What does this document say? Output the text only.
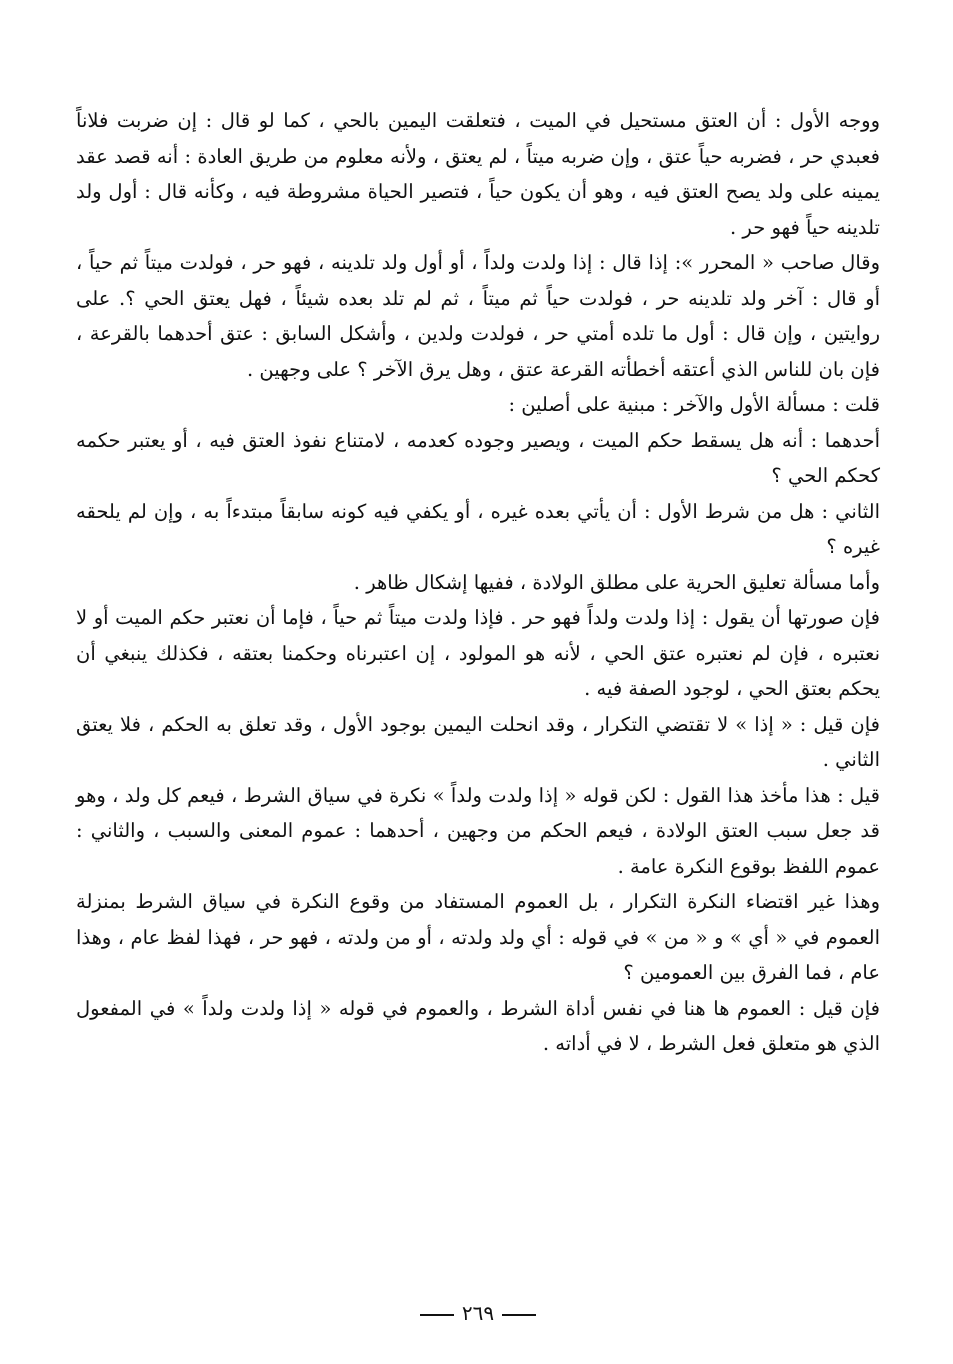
ووجه الأول : أن العتق مستحيل في الميت ، فتعلقت اليمين بالحي ، كما لو قال : إن ضربت فلاناً فعبدي حر ، فضربه حياً عتق ، وإن ضربه ميتاً ، لم يعتق ، ولأنه معلوم من طريق العادة : أنه قصد عقد يمينه على ولد يصح العتق فيه ، وهو أن يكون حياً ، فتصير الحياة مشروطة فيه ، وكأنه قال : أول ولد تلدينه حياً فهو حر .

وقال صاحب « المحرر »: إذا قال : إذا ولدت ولداً ، أو أول ولد تلدينه ، فهو حر ، فولدت ميتاً ثم حياً ، أو قال : آخر ولد تلدينه حر ، فولدت حياً ثم ميتاً ، ثم لم تلد بعده شيئاً ، فهل يعتق الحي ؟. على روايتين ، وإن قال : أول ما تلده أمتي حر ، فولدت ولدين ، وأشكل السابق : عتق أحدهما بالقرعة ، فإن بان للناس الذي أعتقه أخطأته القرعة عتق ، وهل يرق الآخر ؟ على وجهين .

قلت : مسألة الأول والآخر : مبنية على أصلين :

أحدهما : أنه هل يسقط حكم الميت ، ويصير وجوده كعدمه ، لامتناع نفوذ العتق فيه ، أو يعتبر حكمه كحكم الحي ؟

الثاني : هل من شرط الأول : أن يأتي بعده غيره ، أو يكفي فيه كونه سابقاً مبتدءاً به ، وإن لم يلحقه غيره ؟

وأما مسألة تعليق الحرية على مطلق الولادة ، ففيها إشكال ظاهر .

فإن صورتها أن يقول : إذا ولدت ولداً فهو حر . فإذا ولدت ميتاً ثم حياً ، فإما أن نعتبر حكم الميت أو لا نعتبره ، فإن لم نعتبره عتق الحي ، لأنه هو المولود ، إن اعتبرناه وحكمنا بعتقه ، فكذلك ينبغي أن يحكم بعتق الحي ، لوجود الصفة فيه .

فإن قيل : « إذا » لا تقتضي التكرار ، وقد انحلت اليمين بوجود الأول ، وقد تعلق به الحكم ، فلا يعتق الثاني .

قيل : هذا مأخذ هذا القول : لكن قوله « إذا ولدت ولداً » نكرة في سياق الشرط ، فيعم كل ولد ، وهو قد جعل سبب العتق الولادة ، فيعم الحكم من وجهين ، أحدهما : عموم المعنى والسبب ، والثاني : عموم اللفظ بوقوع النكرة عامة .

وهذا غير اقتضاء النكرة التكرار ، بل العموم المستفاد من وقوع النكرة في سياق الشرط بمنزلة العموم في « أي » و « من » في قوله : أي ولد ولدته ، أو من ولدته ، فهو حر ، فهذا لفظ عام ، وهذا عام ، فما الفرق بين العمومين ؟

فإن قيل : العموم ها هنا في نفس أداة الشرط ، والعموم في قوله « إذا ولدت ولداً » في المفعول الذي هو متعلق فعل الشرط ، لا في أداته .

٢٦٩
